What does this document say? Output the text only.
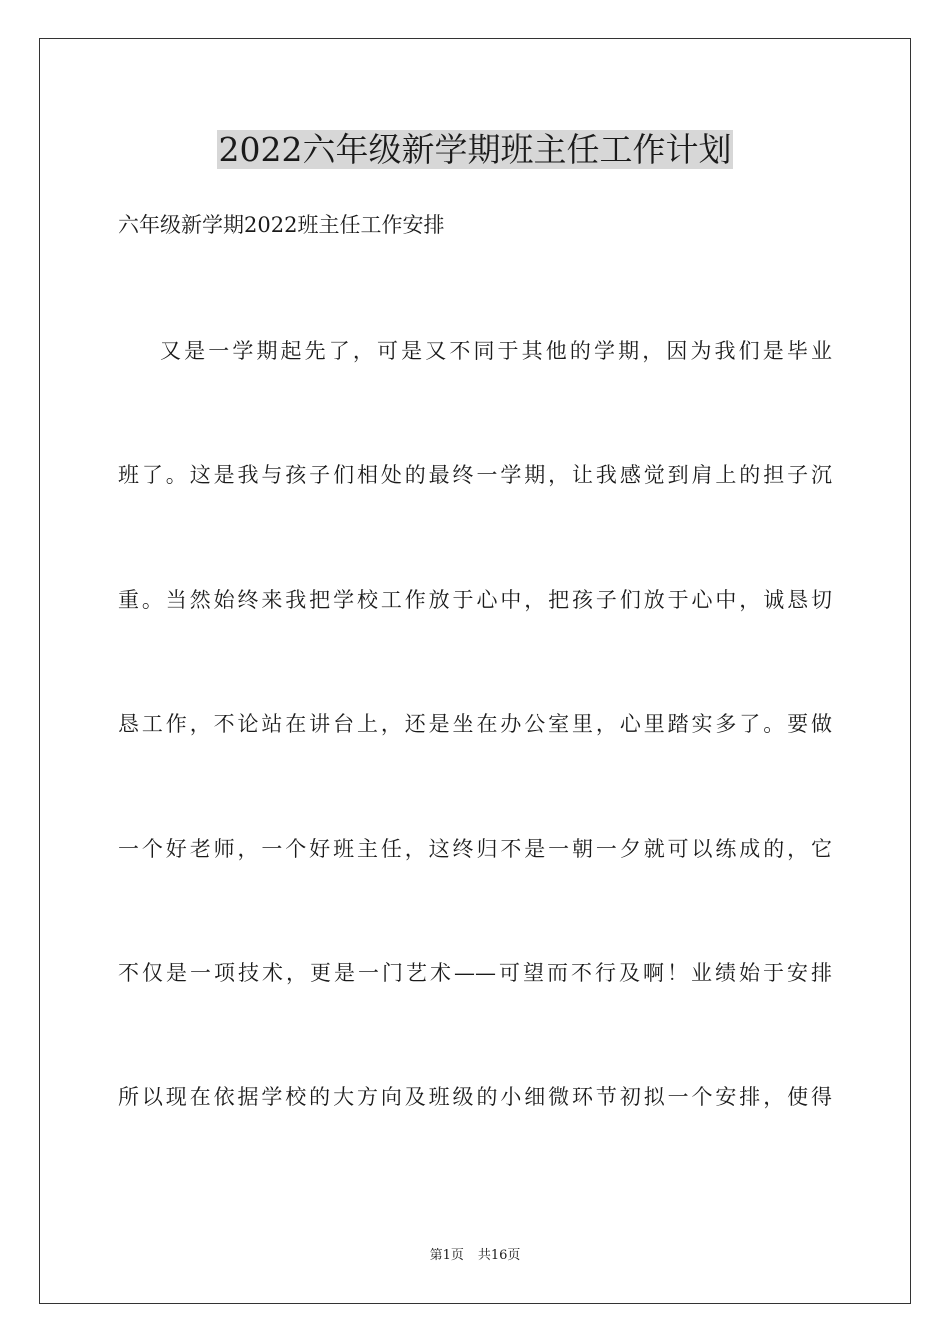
2022六年级新学期班主任工作计划

六年级新学期2022班主任工作安排

又是一学期起先了，可是又不同于其他的学期，因为我们是毕业

班了。这是我与孩子们相处的最终一学期，让我感觉到肩上的担子沉

重。当然始终来我把学校工作放于心中，把孩子们放于心中，诚恳切

恳工作，不论站在讲台上，还是坐在办公室里，心里踏实多了。要做

一个好老师，一个好班主任，这终归不是一朝一夕就可以练成的，它

不仅是一项技术，更是一门艺术——可望而不行及啊！业绩始于安排

所以现在依据学校的大方向及班级的小细微环节初拟一个安排，使得

第1页 共16页
